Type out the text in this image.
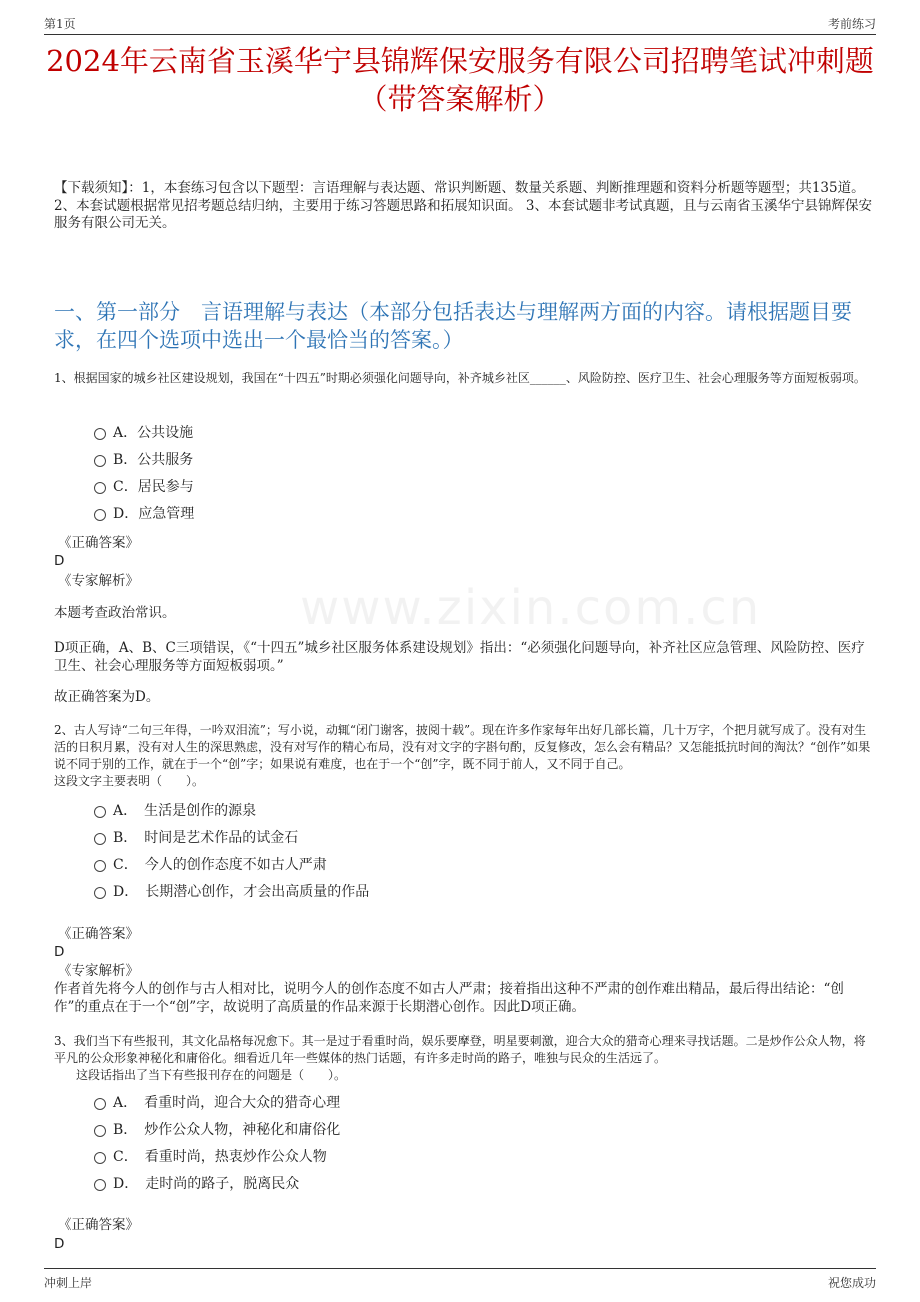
第1页	考前练习
2024年云南省玉溪华宁县锦辉保安服务有限公司招聘笔试冲刺题（带答案解析）
【下载须知】：1，本套练习包含以下题型：言语理解与表达题、常识判断题、数量关系题、判断推理题和资料分析题等题型；共135道。 2、本套试题根据常见招考题总结归纳，主要用于练习答题思路和拓展知识面。 3、本套试题非考试真题，且与云南省玉溪华宁县锦辉保安服务有限公司无关。
一、第一部分　言语理解与表达（本部分包括表达与理解两方面的内容。请根据题目要求，在四个选项中选出一个最恰当的答案。）
www.zixin.com.cn
1、根据国家的城乡社区建设规划，我国在“十四五”时期必须强化问题导向，补齐城乡社区______、风险防控、医疗卫生、社会心理服务等方面短板弱项。
A．公共设施
B．公共服务
C．居民参与
D．应急管理
《正确答案》
D
《专家解析》
本题考查政治常识。
D项正确，A、B、C三项错误，《“十四五”城乡社区服务体系建设规划》指出：“必须强化问题导向，补齐社区应急管理、风险防控、医疗卫生、社会心理服务等方面短板弱项。”
故正确答案为D。
2、古人写诗“二句三年得，一吟双泪流”；写小说，动辄“闭门谢客，披阅十载”。现在许多作家每年出好几部长篇，几十万字，个把月就写成了。没有对生活的日积月累，没有对人生的深思熟虑，没有对写作的精心布局，没有对文字的字斟句酌，反复修改，怎么会有精品？又怎能抵抗时间的淘汰？“创作”如果说不同于别的工作，就在于一个“创”字；如果说有难度，也在于一个“创”字，既不同于前人，又不同于自己。
这段文字主要表明（　　）。
A．　生活是创作的源泉
B．　时间是艺术作品的试金石
C．　今人的创作态度不如古人严肃
D．　长期潜心创作，才会出高质量的作品
《正确答案》
D
《专家解析》
作者首先将今人的创作与古人相对比，说明今人的创作态度不如古人严肃；接着指出这种不严肃的创作难出精品，最后得出结论：“创作”的重点在于一个“创”字，故说明了高质量的作品来源于长期潜心创作。因此D项正确。
3、我们当下有些报刊，其文化品格每况愈下。其一是过于看重时尚，娱乐要摩登，明星要刺激，迎合大众的猎奇心理来寻找话题。二是炒作公众人物，将平凡的公众形象神秘化和庸俗化。细看近几年一些媒体的热门话题，有许多走时尚的路子，唯独与民众的生活远了。

这段话指出了当下有些报刊存在的问题是（　　）。
A．　看重时尚，迎合大众的猎奇心理
B．　炒作公众人物，神秘化和庸俗化
C．　看重时尚，热衷炒作公众人物
D．　走时尚的路子，脱离民众
《正确答案》
D
冲刺上岸	祝您成功
